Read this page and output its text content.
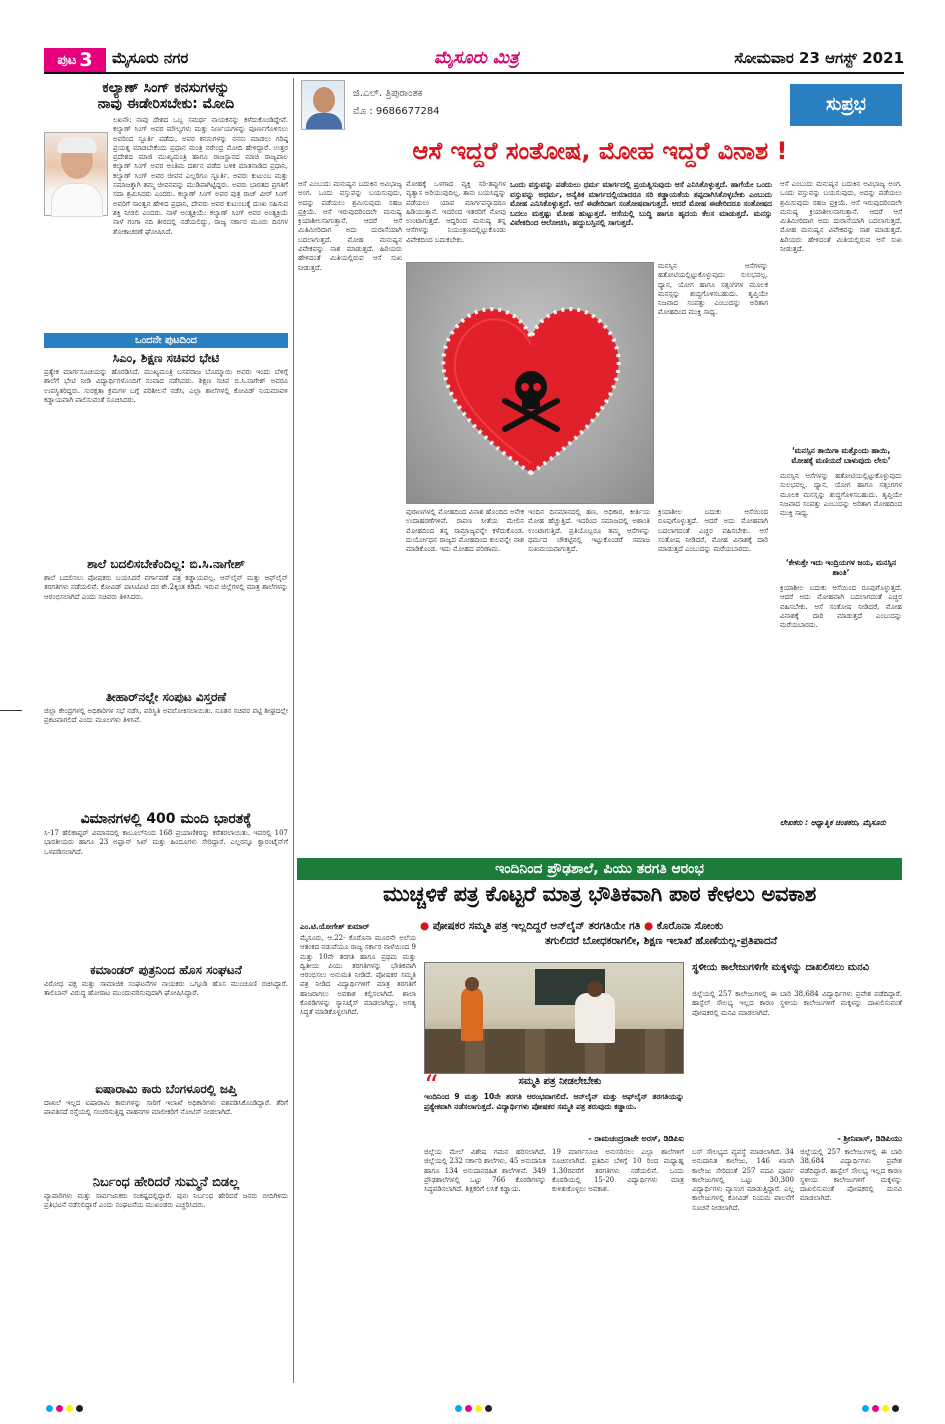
ಪುಟ 3 ಮೈಸೂರು ನಗರ	ಮೈಸೂರು ಮಿತ್ರ	ಸೋಮವಾರ 23 ಆಗಸ್ಟ್ 2021
ಕಲ್ಯಾಣ್ ಸಿಂಗ್ ಕನಸುಗಳನ್ನು
ನಾವು ಈಡೇರಿಸಬೇಕು: ಮೋದಿ
ಲಖನೌ: ನಾವು ದೇಶದ ಒಬ್ಬ ಸಮರ್ಥ ನಾಯಕನನ್ನು ಕಳೆದುಕೊಂಡಿದ್ದೇವೆ. ಕಲ್ಯಾಣ್ ಸಿಂಗ್ ಅವರ ಮೌಲ್ಯಗಳು ಮತ್ತು ನಿರ್ಣಯಗಳನ್ನು ಪೂರ್ಣಗೊಳಿಸಲು ಅವರಿಂದ ಸ್ಫೂರ್ತಿ ಪಡೆದು, ಅವರ ಕನಸುಗಳನ್ನು ನನಸು ಮಾಡಲು ಗರಿಷ್ಠ ಪ್ರಯತ್ನ ಮಾಡಬೇಕೆಂದು ಪ್ರಧಾನ ಮಂತ್ರಿ ನರೇಂದ್ರ ಮೋದಿ ಹೇಳಿದ್ದಾರೆ. ಉತ್ತರ ಪ್ರದೇಶದ ಮಾಜಿ ಮುಖ್ಯಮಂತ್ರಿ ಹಾಗೂ ರಾಜಸ್ಥಾನದ ಮಾಜಿ ರಾಜ್ಯಪಾಲ ಕಲ್ಯಾಣ್ ಸಿಂಗ್ ಅವರ ಅಂತಿಮ ದರ್ಶನ ಪಡೆದ ಬಳಿಕ ಮಾತನಾಡಿದ ಪ್ರಧಾನಿ, ಕಲ್ಯಾಣ್ ಸಿಂಗ್ ಅವರ ಜೀವನ ಎಲ್ಲರಿಗೂ ಸ್ಫೂರ್ತಿ. ಅವರು ಕುಟುಂಬ ಮತ್ತು ಸಮಾಜಕ್ಕಾಗಿ ತಮ್ಮ ಜೀವನವನ್ನು ಮುಡಿಪಾಗಿಟ್ಟಿದ್ದರು. ಅವರು ಭಾರತದ ಪ್ರಗತಿಗೆ ಸದಾ ಶ್ರಮಿಸಿದರು ಎಂದರು. ಕಲ್ಯಾಣ್ ಸಿಂಗ್ ಅವರ ಪುತ್ರ ರಾಜ್ ವೀರ್ ಸಿಂಗ್ ಅವರಿಗೆ ಸಾಂತ್ವನ ಹೇಳಿದ ಪ್ರಧಾನಿ, ದೇವರು ಅವರ ಕುಟುಂಬಕ್ಕೆ ದುಃಖ ಸಹಿಸುವ ಶಕ್ತಿ ನೀಡಲಿ ಎಂದರು. ನಾಳೆ ಅಂತ್ಯಕ್ರಿಯೆ: ಕಲ್ಯಾಣ್ ಸಿಂಗ್ ಅವರ ಅಂತ್ಯಕ್ರಿಯೆ ನಾಳೆ ಗಂಗಾ ನದಿ ತೀರದಲ್ಲಿ ನಡೆಯಲಿದ್ದು, ರಾಜ್ಯ ಸರ್ಕಾರ ಮೂರು ದಿನಗಳ ಶೋಕಾಚರಣೆ ಘೋಷಿಸಿದೆ.
ಒಂದನೇ ಪುಟದಿಂದ
ಸಿಎಂ, ಶಿಕ್ಷಣ ಸಚಿವರ ಭೇಟಿ
ಪ್ರತ್ಯೇಕ ಮಾರ್ಗಸೂಚಿಯನ್ನು ಹೊರಡಿಸಿದೆ. ಮುಖ್ಯಮಂತ್ರಿ ಬಸವರಾಜ ಬೊಮ್ಮಾಯಿ ಅವರು ಇಂದು ಬೆಳಿಗ್ಗೆ ಶಾಲೆಗೆ ಭೇಟಿ ನೀಡಿ ವಿದ್ಯಾರ್ಥಿಗಳೊಂದಿಗೆ ಸಂವಾದ ನಡೆಸಿದರು. ಶಿಕ್ಷಣ ಸಚಿವ ಬಿ.ಸಿ.ನಾಗೇಶ್ ಅವರೂ ಉಪಸ್ಥಿತರಿದ್ದರು. ಸುರಕ್ಷತಾ ಕ್ರಮಗಳ ಬಗ್ಗೆ ಪರಿಶೀಲನೆ ನಡೆಸಿ, ಎಲ್ಲಾ ಶಾಲೆಗಳಲ್ಲಿ ಕೋವಿಡ್ ನಿಯಮಾವಳಿ ಕಡ್ಡಾಯವಾಗಿ ಪಾಲಿಸುವಂತೆ ಸೂಚಿಸಿದರು.
ಶಾಲೆ ಬದಲಿಸಬೇಕೆಂದಿಲ್ಲ: ಬಿ.ಸಿ.ನಾಗೇಶ್
ಶಾಲೆ ಬದಲಿಸಲು ಪೋಷಕರು ಬಯಸಿದರೆ ವರ್ಗಾವಣೆ ಪತ್ರ ಕಡ್ಡಾಯವಲ್ಲ. ಆನ್‌ಲೈನ್ ಮತ್ತು ಆಫ್‌ಲೈನ್ ತರಗತಿಗಳು ನಡೆಯಲಿವೆ. ಕೋವಿಡ್ ಪಾಸಿಟಿವಿಟಿ ದರ ಶೇ.2ಕ್ಕಿಂತ ಕಡಿಮೆ ಇರುವ ಜಿಲ್ಲೆಗಳಲ್ಲಿ ಮಾತ್ರ ಶಾಲೆಗಳನ್ನು ಆರಂಭಿಸಲಾಗಿದೆ ಎಂದು ಸಚಿವರು ತಿಳಿಸಿದರು.
ತೀಹಾರ್‌ನಲ್ಲೇ ಸಂಪುಟ ವಿಸ್ತರಣೆ
ಜಿಲ್ಲಾ ಕೇಂದ್ರಗಳಲ್ಲಿ ಅಧಿಕಾರಿಗಳ ಸಭೆ ನಡೆಸಿ, ಪರಿಸ್ಥಿತಿ ಅವಲೋಕಿಸಲಾಯಿತು. ನೂತನ ಸಚಿವರ ಪಟ್ಟಿ ಶೀಘ್ರದಲ್ಲೇ ಪ್ರಕಟವಾಗಲಿದೆ ಎಂದು ಮೂಲಗಳು ತಿಳಿಸಿವೆ.
ವಿಮಾನಗಳಲ್ಲಿ 400 ಮಂದಿ ಭಾರತಕ್ಕೆ
ಸಿ-17 ಹೆಲಿಕಾಪ್ಟರ್ ವಿಮಾನದಲ್ಲಿ ಕಾಬೂಲ್‌ನಿಂದ 168 ಪ್ರಯಾಣಿಕರನ್ನು ಕರೆತರಲಾಯಿತು. ಇವರಲ್ಲಿ 107 ಭಾರತೀಯರು ಹಾಗೂ 23 ಅಫ್ಘಾನ್ ಸಿಖ್ ಮತ್ತು ಹಿಂದೂಗಳು ಸೇರಿದ್ದಾರೆ. ಎಲ್ಲರನ್ನೂ ಕ್ವಾರಂಟೈನ್‌ಗೆ ಒಳಪಡಿಸಲಾಗಿದೆ.
ಕಮಾಂಡರ್ ಪುತ್ರನಿಂದ ಹೊಸ ಸಂಘಟನೆ
ವಿರೋಧ ಪಕ್ಷ ಮತ್ತು ಸಾಮಾಜಿಕ ಸಂಘಟನೆಗಳ ನಾಯಕರು ಒಗ್ಗೂಡಿ ಹೊಸ ಮುಂಚೂಣಿ ರಚಿಸಿದ್ದಾರೆ. ತಾಲಿಬಾನ್ ವಿರುದ್ಧ ಹೋರಾಟ ಮುಂದುವರಿಸುವುದಾಗಿ ಘೋಷಿಸಿದ್ದಾರೆ.
ಐಷಾರಾಮಿ ಕಾರು ಬೆಂಗಳೂರಲ್ಲಿ ಜಪ್ತಿ
ದಾಖಲೆ ಇಲ್ಲದ ಐಷಾರಾಮಿ ಕಾರುಗಳನ್ನು ಸಾರಿಗೆ ಇಲಾಖೆ ಅಧಿಕಾರಿಗಳು ವಶಪಡಿಸಿಕೊಂಡಿದ್ದಾರೆ. ತೆರಿಗೆ ಪಾವತಿಸದೆ ರಸ್ತೆಯಲ್ಲಿ ಸಂಚರಿಸುತ್ತಿದ್ದ ವಾಹನಗಳ ಮಾಲೀಕರಿಗೆ ನೋಟಿಸ್ ನೀಡಲಾಗಿದೆ.
ನಿರ್ಬಂಧ ಹೇರಿದರೆ ಸುಮ್ಮನೆ ಬಿಡಲ್ಲ
ವ್ಯಾಪಾರಿಗಳು ಮತ್ತು ಸಾರ್ವಜನಿಕರು ಸಂಕಷ್ಟದಲ್ಲಿದ್ದಾರೆ. ಪುನಃ ನಿರ್ಬಂಧ ಹೇರಿದರೆ ಜನರು ಬೀದಿಗಿಳಿದು ಪ್ರತಿಭಟನೆ ನಡೆಸಲಿದ್ದಾರೆ ಎಂದು ಸಂಘಟನೆಯ ಮುಖಂಡರು ಎಚ್ಚರಿಸಿದರು.
ಜಿ.ಎಲ್. ತ್ರಿಪುರಾಂತಕ
ಮೊ : 9686677284	ಸುಪ್ರಭ
ಆಸೆ ಇದ್ದರೆ ಸಂತೋಷ, ಮೋಹ ಇದ್ದರೆ ವಿನಾಶ !
ಒಂದು ವಸ್ತುವನ್ನು ಪಡೆಯಲು ಧರ್ಮ ಮಾರ್ಗದಲ್ಲಿ ಪ್ರಯತ್ನಿಸುವುದು ಆಸೆ ಎನಿಸಿಕೊಳ್ಳುತ್ತದೆ. ಹಾಗೆಯೇ ಒಂದು ವಸ್ತುವನ್ನು ಅಧರ್ಮ, ಅನೈತಿಕ ಮಾರ್ಗದಲ್ಲಿಯಾದರೂ ಸರಿ ಕಡ್ಡಾಯತೆಯ ತಪ್ಪದಾಗಿಸಿಕೊಳ್ಳಬೇಕು ಎಂಬುದು ಮೋಹ ಎನಿಸಿಕೊಳ್ಳುತ್ತದೆ. ಆಸೆ ಈಡೇರಿದಾಗ ಸಂತೋಷವಾಗುತ್ತದೆ. ಆದರೆ ಮೋಹ ಈಡೇರಿದರೂ ಸಂತೋಷದ ಬದಲು ಮತ್ತಷ್ಟು ಮೋಹ ಹುಟ್ಟುತ್ತದೆ. ಆಸೆಯಲ್ಲಿ ಬುದ್ಧಿ ಹಾಗೂ ಹೃದಯ ಕೆಲಸ ಮಾಡುತ್ತದೆ. ಮನಸ್ಸು ವಿವೇಕದಿಂದ ಆಲೋಚಿಸಿ, ಹದ್ದುಬಸ್ತಿನಲ್ಲಿ ಸಾಗುತ್ತದೆ.
ಆಸೆ ಎಂಬುದು ಮನುಷ್ಯನ ಬದುಕಿನ ಅವಿಭಾಜ್ಯ ಅಂಗ. ಒಂದು ವಸ್ತುವನ್ನು ಬಯಸುವುದು, ಅದನ್ನು ಪಡೆಯಲು ಶ್ರಮಿಸುವುದು ಸಹಜ ಪ್ರಕ್ರಿಯೆ. ಆಸೆ ಇರುವುದರಿಂದಲೇ ಮನುಷ್ಯ ಕ್ರಿಯಾಶೀಲನಾಗುತ್ತಾನೆ. ಆದರೆ ಆಸೆ ಮಿತಿಮೀರಿದಾಗ ಅದು ದುರಾಸೆಯಾಗಿ ಬದಲಾಗುತ್ತದೆ. ಮೋಹ ಮನುಷ್ಯನ ವಿವೇಕವನ್ನು ನಾಶ ಮಾಡುತ್ತದೆ. ಹಿರಿಯರು ಹೇಳಿದಂತೆ ಮಿತಿಯಲ್ಲಿರುವ ಆಸೆ ಸುಖ ನೀಡುತ್ತದೆ.
ಮೋಹಕ್ಕೆ ಒಳಗಾದ ವ್ಯಕ್ತಿ ಸರಿ-ತಪ್ಪುಗಳ ವ್ಯತ್ಯಾಸ ಅರಿಯುವುದಿಲ್ಲ. ತಾನು ಬಯಸಿದ್ದನ್ನು ಪಡೆಯಲು ಯಾವ ಮಾರ್ಗವನ್ನಾದರೂ ಹಿಡಿಯುತ್ತಾನೆ. ಇದರಿಂದ ಇತರರಿಗೆ ನೋವು ಉಂಟಾಗುತ್ತದೆ. ಆದ್ದರಿಂದ ಮನುಷ್ಯ ತನ್ನ ಆಸೆಗಳನ್ನು ನಿಯಂತ್ರಣದಲ್ಲಿಟ್ಟುಕೊಂಡು ವಿವೇಕದಿಂದ ಬದುಕಬೇಕು.
ಮನಸ್ಸಿನ ಆಸೆಗಳನ್ನು ಹತೋಟಿಯಲ್ಲಿಟ್ಟುಕೊಳ್ಳುವುದು ಸುಲಭವಲ್ಲ. ಧ್ಯಾನ, ಯೋಗ ಹಾಗೂ ಸತ್ಸಂಗಗಳ ಮೂಲಕ ಮನಸ್ಸನ್ನು ಶುದ್ಧಗೊಳಿಸಬಹುದು. ತೃಪ್ತಿಯೇ ನಿಜವಾದ ಸಂಪತ್ತು ಎಂಬುದನ್ನು ಅರಿತಾಗ ಮೋಹದಿಂದ ಮುಕ್ತಿ ಸಾಧ್ಯ.
ಪುರಾಣಗಳಲ್ಲಿ ಮೋಹದಿಂದ ವಿನಾಶ ಹೊಂದಿದ ಅನೇಕ ಉದಾಹರಣೆಗಳಿವೆ. ರಾವಣ ಸೀತೆಯ ಮೇಲಿನ ಮೋಹದಿಂದ ತನ್ನ ಸಾಮ್ರಾಜ್ಯವನ್ನೇ ಕಳೆದುಕೊಂಡ. ದುರ್ಯೋಧನ ರಾಜ್ಯದ ಮೋಹದಿಂದ ಕುಲವನ್ನೇ ನಾಶ ಮಾಡಿಕೊಂಡ. ಇದು ಮೋಹದ ಪರಿಣಾಮ.
ಇಂದಿನ ದಿನಮಾನದಲ್ಲಿ ಹಣ, ಅಧಿಕಾರ, ಕೀರ್ತಿಯ ಮೋಹ ಹೆಚ್ಚುತ್ತಿದೆ. ಇದರಿಂದ ಸಮಾಜದಲ್ಲಿ ಅಶಾಂತಿ ಉಂಟಾಗುತ್ತಿದೆ. ಪ್ರತಿಯೊಬ್ಬರೂ ತಮ್ಮ ಆಸೆಗಳನ್ನು ಧರ್ಮದ ಚೌಕಟ್ಟಿನಲ್ಲಿ ಇಟ್ಟುಕೊಂಡರೆ ಸಮಾಜ ಸುಖಮಯವಾಗುತ್ತದೆ.
ಕ್ರಿಯಾಶೀಲ ಬದುಕು ಆಸೆಯಿಂದ ರೂಪುಗೊಳ್ಳುತ್ತದೆ. ಆದರೆ ಅದು ಮೋಹವಾಗಿ ಬದಲಾಗದಂತೆ ಎಚ್ಚರ ವಹಿಸಬೇಕು. ಆಸೆ ಸಂತೋಷ ನೀಡಿದರೆ, ಮೋಹ ವಿನಾಶಕ್ಕೆ ದಾರಿ ಮಾಡುತ್ತದೆ ಎಂಬುದನ್ನು ಮರೆಯಬಾರದು.
ಆಸೆ ಎಂಬುದು ಮನುಷ್ಯನ ಬದುಕಿನ ಅವಿಭಾಜ್ಯ ಅಂಗ. ಒಂದು ವಸ್ತುವನ್ನು ಬಯಸುವುದು, ಅದನ್ನು ಪಡೆಯಲು ಶ್ರಮಿಸುವುದು ಸಹಜ ಪ್ರಕ್ರಿಯೆ. ಆಸೆ ಇರುವುದರಿಂದಲೇ ಮನುಷ್ಯ ಕ್ರಿಯಾಶೀಲನಾಗುತ್ತಾನೆ. ಆದರೆ ಆಸೆ ಮಿತಿಮೀರಿದಾಗ ಅದು ದುರಾಸೆಯಾಗಿ ಬದಲಾಗುತ್ತದೆ. ಮೋಹ ಮನುಷ್ಯನ ವಿವೇಕವನ್ನು ನಾಶ ಮಾಡುತ್ತದೆ. ಹಿರಿಯರು ಹೇಳಿದಂತೆ ಮಿತಿಯಲ್ಲಿರುವ ಆಸೆ ಸುಖ ನೀಡುತ್ತದೆ.
‘ಮನಸ್ಸಿನ ತಾಯಿಗಾ ಮತ್ತೊಂದು ಹಾಯಿ, ಮೋಹಕ್ಕೆ ಮಣಿಯದೆ ಬಾಳುವುದು ಲೇಸು’
ಮನಸ್ಸಿನ ಆಸೆಗಳನ್ನು ಹತೋಟಿಯಲ್ಲಿಟ್ಟುಕೊಳ್ಳುವುದು ಸುಲಭವಲ್ಲ. ಧ್ಯಾನ, ಯೋಗ ಹಾಗೂ ಸತ್ಸಂಗಗಳ ಮೂಲಕ ಮನಸ್ಸನ್ನು ಶುದ್ಧಗೊಳಿಸಬಹುದು. ತೃಪ್ತಿಯೇ ನಿಜವಾದ ಸಂಪತ್ತು ಎಂಬುದನ್ನು ಅರಿತಾಗ ಮೋಹದಿಂದ ಮುಕ್ತಿ ಸಾಧ್ಯ.
‘ಕೇಳುತ್ತೇ ಇದು ಇಂದ್ರಿಯಗಳ ಜಯ, ಮನಸ್ಸಿನ ಶಾಂತಿ’
ಕ್ರಿಯಾಶೀಲ ಬದುಕು ಆಸೆಯಿಂದ ರೂಪುಗೊಳ್ಳುತ್ತದೆ. ಆದರೆ ಅದು ಮೋಹವಾಗಿ ಬದಲಾಗದಂತೆ ಎಚ್ಚರ ವಹಿಸಬೇಕು. ಆಸೆ ಸಂತೋಷ ನೀಡಿದರೆ, ಮೋಹ ವಿನಾಶಕ್ಕೆ ದಾರಿ ಮಾಡುತ್ತದೆ ಎಂಬುದನ್ನು ಮರೆಯಬಾರದು.
ಲೇಖಕರು : ಆಧ್ಯಾತ್ಮಿಕ ಚಿಂತಕರು, ಮೈಸೂರು
ಇಂದಿನಿಂದ ಪ್ರೌಢಶಾಲೆ, ಪಿಯು ತರಗತಿ ಆರಂಭ
ಮುಚ್ಚಳಿಕೆ ಪತ್ರ ಕೊಟ್ಟರೆ ಮಾತ್ರ ಭೌತಿಕವಾಗಿ ಪಾಠ ಕೇಳಲು ಅವಕಾಶ
● ಪೋಷಕರ ಸಮ್ಮತಿ ಪತ್ರ ಇಲ್ಲದಿದ್ದರೆ ಆನ್‌ಲೈನ್ ತರಗತಿಯೇ ಗತಿ ● ಕೊರೊನಾ ಸೋಂಕು
ತಗುಲಿದರೆ ಬೋಧಕರಾಗಲೀ, ಶಿಕ್ಷಣ ಇಲಾಖೆ ಹೊಣೆಯಲ್ಲ-ಪ್ರತಿಪಾದನೆ
ಎಂ.ಟಿ.ಯೋಗೇಶ್ ಕುಮಾರ್
ಮೈಸೂರು, ಆ.22- ಕೊರೊನಾ ಮೂರನೇ ಅಲೆಯ ಆತಂಕದ ನಡುವೆಯೂ ರಾಜ್ಯ ಸರ್ಕಾರ ನಾಳೆಯಿಂದ 9 ಮತ್ತು 10ನೇ ತರಗತಿ ಹಾಗೂ ಪ್ರಥಮ ಮತ್ತು ದ್ವಿತೀಯ ಪಿಯು ತರಗತಿಗಳನ್ನು ಭೌತಿಕವಾಗಿ ಆರಂಭಿಸಲು ಅನುಮತಿ ನೀಡಿದೆ. ಪೋಷಕರ ಸಮ್ಮತಿ ಪತ್ರ ನೀಡಿದ ವಿದ್ಯಾರ್ಥಿಗಳಿಗೆ ಮಾತ್ರ ತರಗತಿಗೆ ಹಾಜರಾಗಲು ಅವಕಾಶ ಕಲ್ಪಿಸಲಾಗಿದೆ. ಶಾಲಾ ಕೊಠಡಿಗಳನ್ನು ಸ್ಯಾನಿಟೈಸ್ ಮಾಡಲಾಗಿದ್ದು, ಅಗತ್ಯ ಸಿದ್ಧತೆ ಮಾಡಿಕೊಳ್ಳಲಾಗಿದೆ.
ಸಮ್ಮತಿ ಪತ್ರ ನೀಡಲೇಬೇಕು
“
ಇಂದಿನಿಂದ 9 ಮತ್ತು 10ನೇ ತರಗತಿ ಆರಂಭವಾಗಲಿದೆ. ಆನ್‌ಲೈನ್ ಮತ್ತು ಆಫ್‌ಲೈನ್ ತರಗತಿಯನ್ನು ಪ್ರತ್ಯೇಕವಾಗಿ ನಡೆಸಲಾಗುತ್ತದೆ. ವಿದ್ಯಾರ್ಥಿಗಳು ಪೋಷಕರ ಸಮ್ಮತಿ ಪತ್ರ ತರುವುದು ಕಡ್ಡಾಯ.
- ರಾಮಚಂದ್ರರಾಜೇ ಅರಸ್, ಡಿಡಿಪಿಐ
ಜಿಲ್ಲೆಯ ಮೇಲೆ ವಿಶೇಷ ಗಮನ ಹರಿಸಲಾಗಿದೆ. ಜಿಲ್ಲೆಯಲ್ಲಿ 232 ಸರ್ಕಾರಿ ಶಾಲೆಗಳು, 45 ಅನುದಾನಿತ ಹಾಗೂ 134 ಅನುದಾನರಹಿತ ಶಾಲೆಗಳಿವೆ. 349 ಪ್ರೌಢಶಾಲೆಗಳಲ್ಲಿ ಒಟ್ಟು 766 ಕೊಠಡಿಗಳನ್ನು ಸಿದ್ಧಪಡಿಸಲಾಗಿದೆ. ಶಿಕ್ಷಕರಿಗೆ ಲಸಿಕೆ ಕಡ್ಡಾಯ.
19 ಮಾರ್ಗಸೂಚಿ ಅನುಸರಿಸಲು ಎಲ್ಲಾ ಶಾಲೆಗಳಿಗೆ ಸೂಚಿಸಲಾಗಿದೆ. ಪ್ರತಿದಿನ ಬೆಳಿಗ್ಗೆ 10 ರಿಂದ ಮಧ್ಯಾಹ್ನ 1.30ರವರೆಗೆ ತರಗತಿಗಳು ನಡೆಯಲಿವೆ. ಒಂದು ಕೊಠಡಿಯಲ್ಲಿ 15-20 ವಿದ್ಯಾರ್ಥಿಗಳು ಮಾತ್ರ ಕುಳಿತುಕೊಳ್ಳಲು ಅವಕಾಶ.
ಸ್ಥಳೀಯ ಕಾಲೇಜುಗಳಿಗೇ ಮಕ್ಕಳನ್ನು ದಾಖಲಿಸಲು ಮನವಿ
ಜಿಲ್ಲೆಯಲ್ಲಿ 257 ಕಾಲೇಜುಗಳಲ್ಲಿ ಈ ಬಾರಿ 38,684 ವಿದ್ಯಾರ್ಥಿಗಳು ಪ್ರವೇಶ ಪಡೆದಿದ್ದಾರೆ. ಹಾಸ್ಟೆಲ್ ಸೌಲಭ್ಯ ಇಲ್ಲದ ಕಾರಣ ಸ್ಥಳೀಯ ಕಾಲೇಜುಗಳಿಗೆ ಮಕ್ಕಳನ್ನು ದಾಖಲಿಸುವಂತೆ ಪೋಷಕರಲ್ಲಿ ಮನವಿ ಮಾಡಲಾಗಿದೆ.
- ಶ್ರೀನಿವಾಸ್, ಡಿಡಿಪಿಯು
ಬಸ್ ಸೌಲಭ್ಯದ ವ್ಯವಸ್ಥೆ ಮಾಡಲಾಗಿದೆ. 34 ಅನುದಾನಿತ ಕಾಲೇಜು, 146 ಖಾಸಗಿ ಕಾಲೇಜು ಸೇರಿದಂತೆ 257 ಪದವಿ ಪೂರ್ವ ಕಾಲೇಜುಗಳಲ್ಲಿ ಒಟ್ಟು 30,300 ವಿದ್ಯಾರ್ಥಿಗಳು ವ್ಯಾಸಂಗ ಮಾಡುತ್ತಿದ್ದಾರೆ. ಎಲ್ಲ ಕಾಲೇಜುಗಳಲ್ಲಿ ಕೋವಿಡ್ ನಿಯಮ ಪಾಲನೆಗೆ ಸೂಚನೆ ನೀಡಲಾಗಿದೆ.
ಜಿಲ್ಲೆಯಲ್ಲಿ 257 ಕಾಲೇಜುಗಳಲ್ಲಿ ಈ ಬಾರಿ 38,684 ವಿದ್ಯಾರ್ಥಿಗಳು ಪ್ರವೇಶ ಪಡೆದಿದ್ದಾರೆ. ಹಾಸ್ಟೆಲ್ ಸೌಲಭ್ಯ ಇಲ್ಲದ ಕಾರಣ ಸ್ಥಳೀಯ ಕಾಲೇಜುಗಳಿಗೆ ಮಕ್ಕಳನ್ನು ದಾಖಲಿಸುವಂತೆ ಪೋಷಕರಲ್ಲಿ ಮನವಿ ಮಾಡಲಾಗಿದೆ.
